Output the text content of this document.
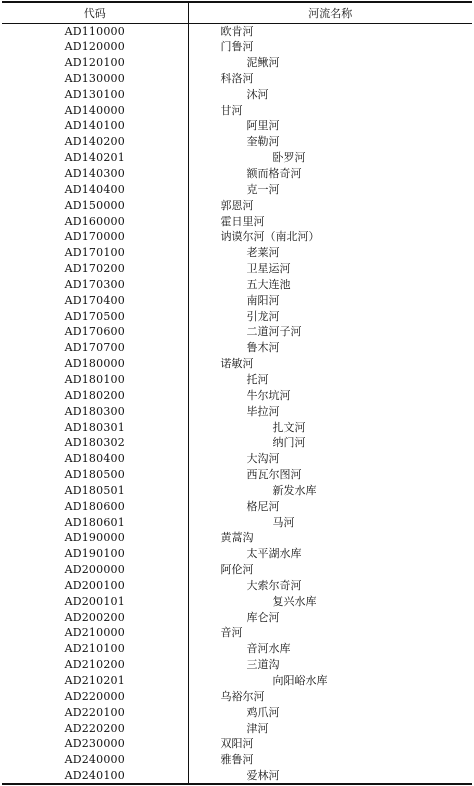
代码	河流名称
AD110000	欧肯河
AD120000	门鲁河
AD120100	泥鳅河
AD130000	科洛河
AD130100	沐河
AD140000	甘河
AD140100	阿里河
AD140200	奎勒河
AD140201	卧罗河
AD140300	额而格奇河
AD140400	克一河
AD150000	郭恩河
AD160000	霍日里河
AD170000	讷谟尔河（南北河）
AD170100	老莱河
AD170200	卫星运河
AD170300	五大连池
AD170400	南阳河
AD170500	引龙河
AD170600	二道河子河
AD170700	鲁木河
AD180000	诺敏河
AD180100	托河
AD180200	牛尔坑河
AD180300	毕拉河
AD180301	扎文河
AD180302	纳门河
AD180400	大沟河
AD180500	西瓦尔图河
AD180501	新发水库
AD180600	格尼河
AD180601	马河
AD190000	黄蒿沟
AD190100	太平湖水库
AD200000	阿伦河
AD200100	大索尔奇河
AD200101	复兴水库
AD200200	库仑河
AD210000	音河
AD210100	音河水库
AD210200	三道沟
AD210201	向阳峪水库
AD220000	乌裕尔河
AD220100	鸡爪河
AD220200	津河
AD230000	双阳河
AD240000	雅鲁河
AD240100	爱林河
